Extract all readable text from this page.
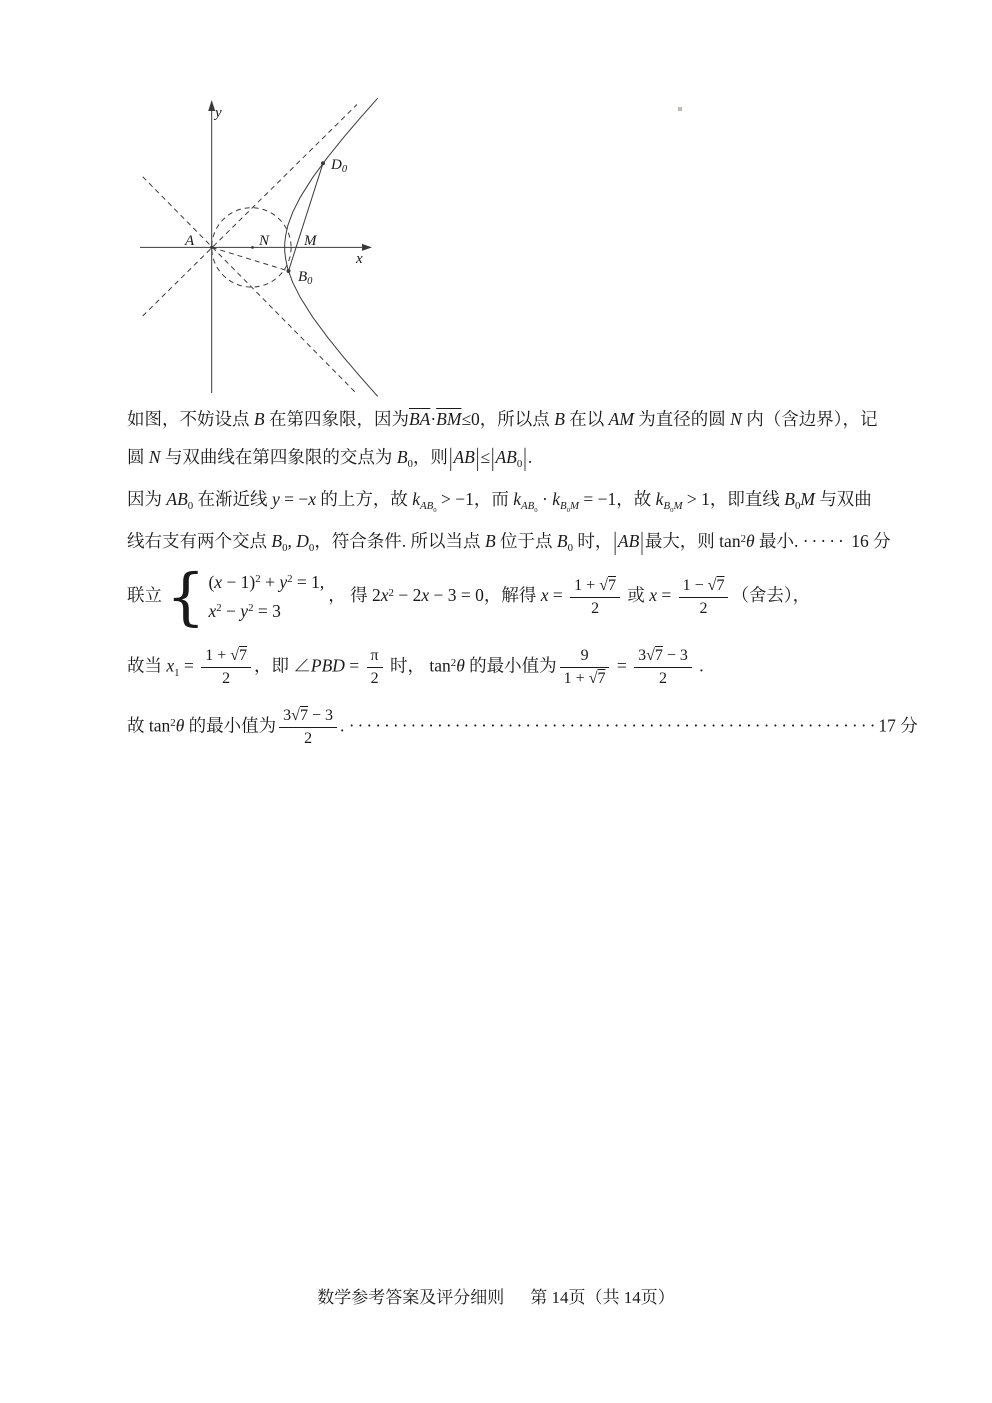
y
x
A	N M
$D_0$
$B_0$

如图，不妨设点 B 在第四象限，因为$\overline{BA}\cdot\overline{BM}\le 0$，所以点 B 在以 AM 为直径的圆 N 内（含边界），记

圆 N 与双曲线在第四象限的交点为 $B_0$，则$|AB|\le|AB_0|$.

因为 $AB_0$ 在渐近线 y = −x 的上方，故 $k_{AB_0} > -1$，而 $k_{AB_0} \cdot k_{B_0M} = -1$，故 $k_{B_0M} > 1$，即直线 $B_0M$ 与双曲

线右支有两个交点 $B_0$, $D_0$，符合条件. 所以当点 B 位于点 $B_0$ 时，|AB|最大，则 $\tan^2\theta$ 最小. ····· 16 分

联立 { $(x - 1)^2 + y^2 = 1$,
$x^2 - y^2 = 3$
， 得 $2x^2 - 2x - 3 = 0$，解得 $x = \frac{1 + √7}{2}$ 或 $x = \frac{1 - √7}{2}$ （舍去），

故当 $x_1 = \frac{1 + √7}{2}$ ，即 ∠PBD = $\frac{\pi}{2}$ 时， $\tan^2\theta$ 的最小值为 $\frac{9}{1 + √7} = \frac{3√7 - 3}{2}$ .

故 $\tan^2\theta$ 的最小值为 $\frac{3√7 - 3}{2}$ . ····························································17 分

数学参考答案及评分细则 第 14页（共 14页）
